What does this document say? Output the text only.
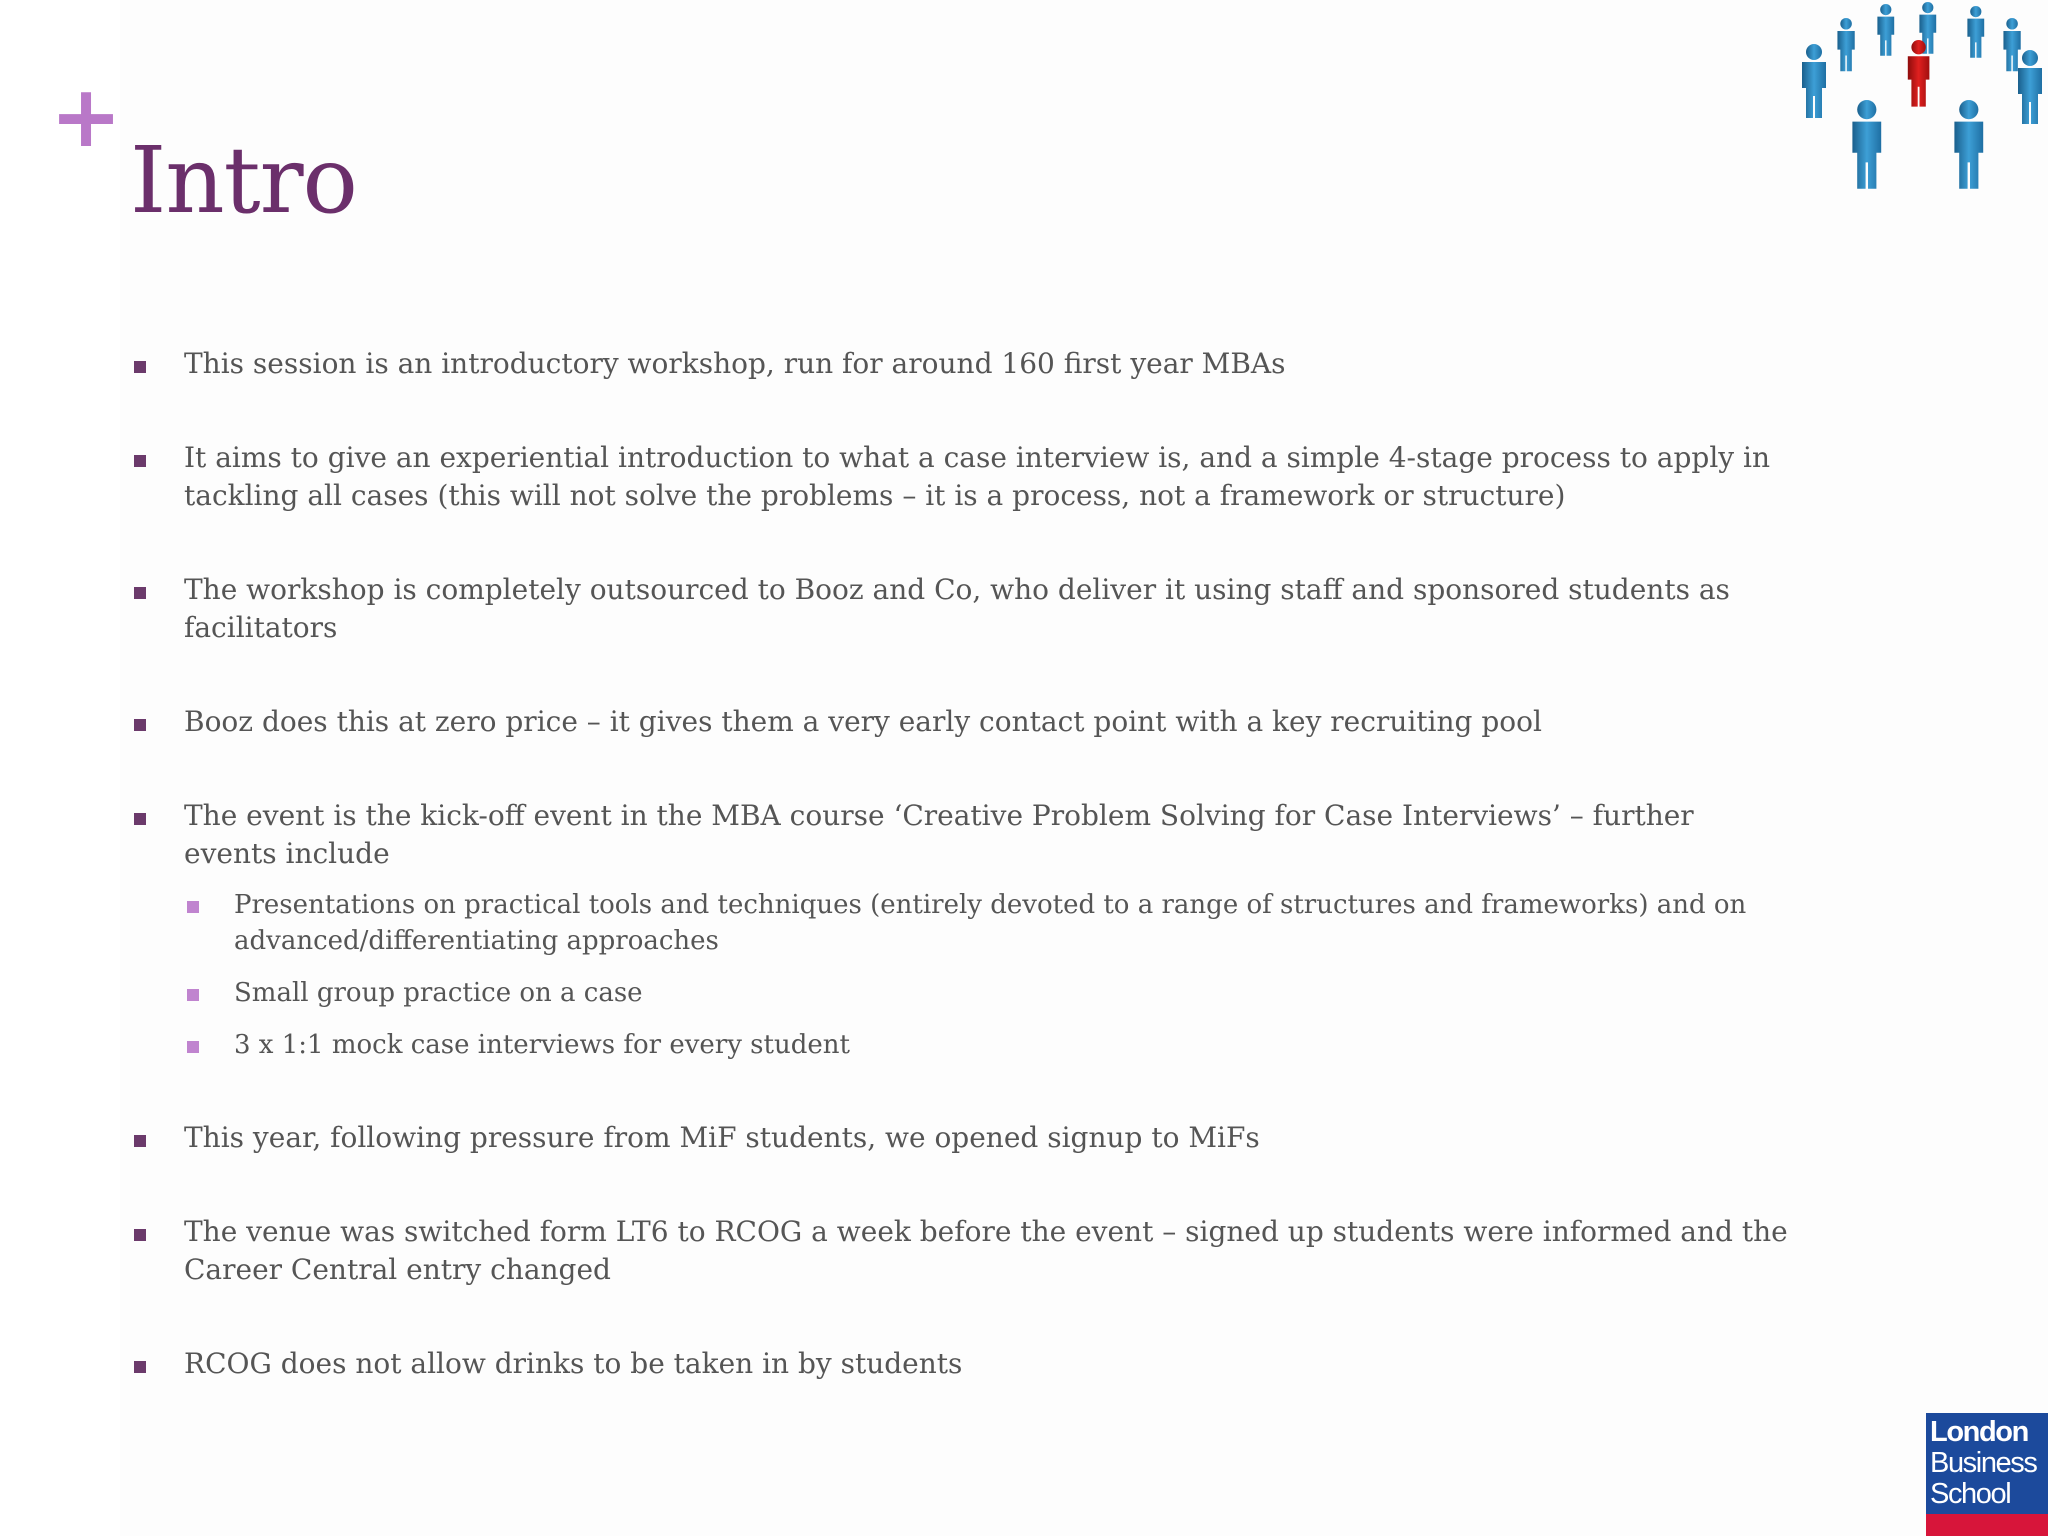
+
Intro
This session is an introductory workshop, run for around 160 first year MBAs
It aims to give an experiential introduction to what a case interview is, and a simple 4-stage process to apply in tackling all cases (this will not solve the problems – it is a process, not a framework or structure)
The workshop is completely outsourced to Booz and Co, who deliver it using staff and sponsored students as facilitators
Booz does this at zero price – it gives them a very early contact point with a key recruiting pool
The event is the kick-off event in the MBA course ‘Creative Problem Solving for Case Interviews’ – further events include
Presentations on practical tools and techniques (entirely devoted to a range of structures and frameworks) and on advanced/differentiating approaches
Small group practice on a case
3 x 1:1 mock case interviews for every student
This year, following pressure from MiF students, we opened signup to MiFs
The venue was switched form LT6 to RCOG a week before the event – signed up students were informed and the Career Central entry changed
RCOG does not allow drinks to be taken in by students
London
Business
School
